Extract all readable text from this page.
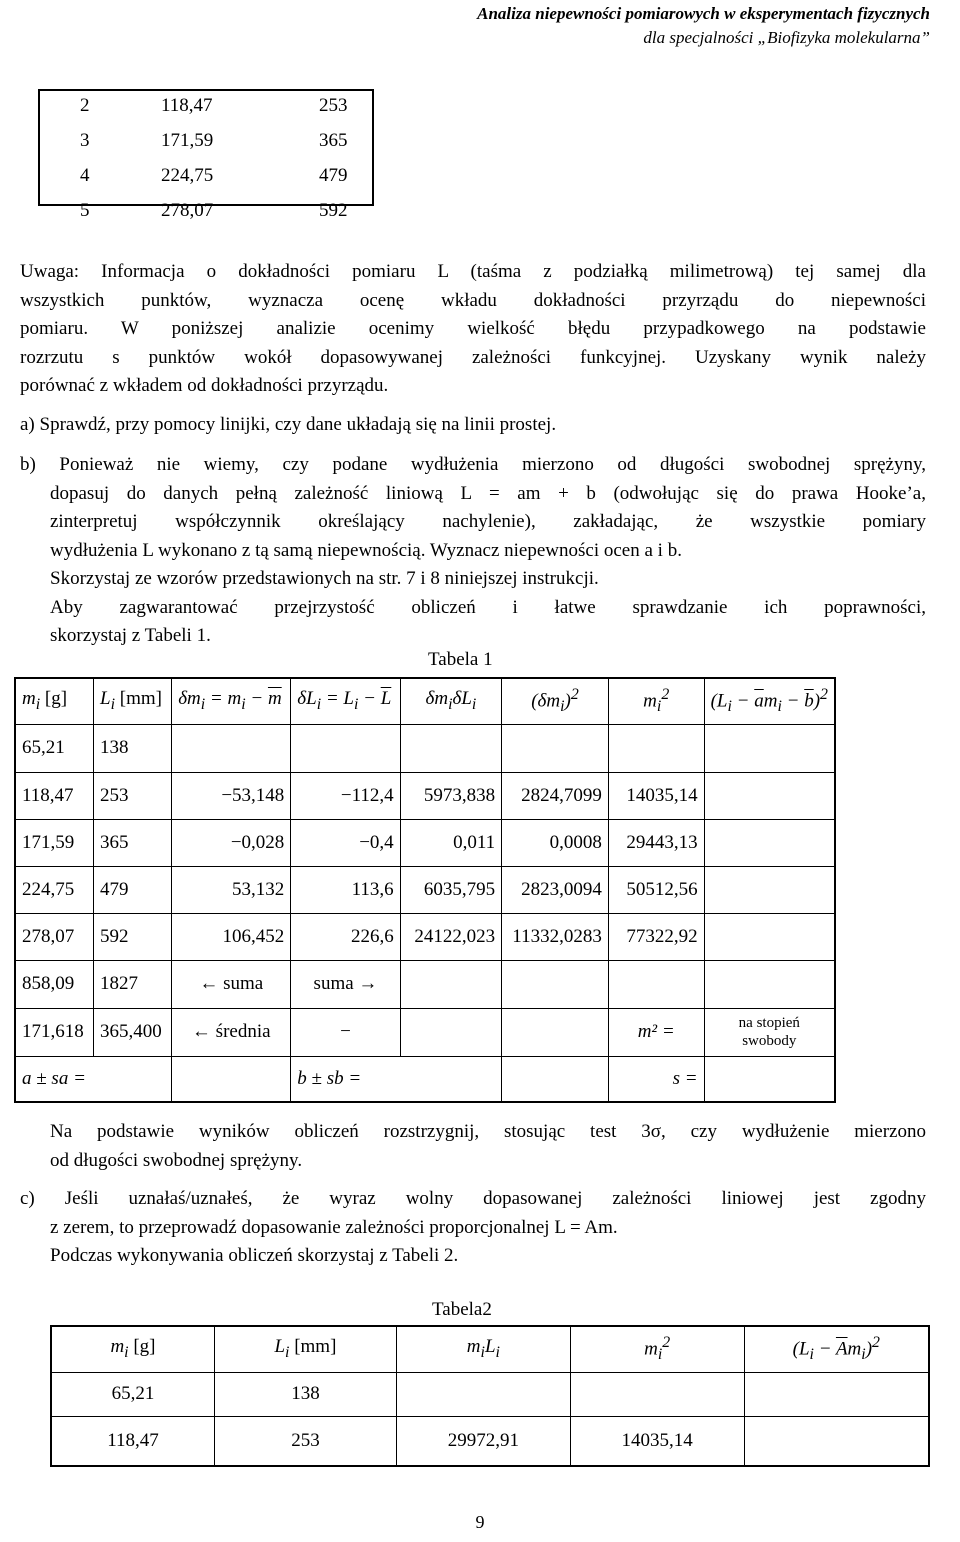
Analiza niepewności pomiarowych w eksperymentach fizycznych
dla specjalności „Biofizyka molekularna”
2	118,47	253
3	171,59	365
4	224,75	479
5	278,07	592
Uwaga: Informacja o dokładności pomiaru L (taśma z podziałką milimetrową) tej samej dla
wszystkich punktów, wyznacza ocenę wkładu dokładności przyrządu do niepewności
pomiaru. W poniższej analizie ocenimy wielkość błędu przypadkowego na podstawie
rozrzutu s punktów wokół dopasowywanej zależności funkcyjnej. Uzyskany wynik należy
porównać z wkładem od dokładności przyrządu.
a) Sprawdź, przy pomocy linijki, czy dane układają się na linii prostej.
b) Ponieważ nie wiemy, czy podane wydłużenia mierzono od długości swobodnej sprężyny,
dopasuj do danych pełną zależność liniową L = am + b (odwołując się do prawa Hooke’a,
zinterpretuj współczynnik określający nachylenie), zakładając, że wszystkie pomiary
wydłużenia L wykonano z tą samą niepewnością. Wyznacz niepewności ocen a i b.
Skorzystaj ze wzorów przedstawionych na str. 7 i 8 niniejszej instrukcji.
Aby zagwarantować przejrzystość obliczeń i łatwe sprawdzanie ich poprawności,
skorzystaj z Tabeli 1.
Tabela 1
$m_i$ [g]	$L_i$ [mm]	$\delta m_i = m_i - \overline{m}$	$\delta L_i = L_i - \overline{L}$	$\delta m_i\delta L_i$	$(\delta m_i)^2$	$m_i^2$	$(L_i - \overline{a}m_i - \overline{b})^2$
65,21	138						
118,47	253	−53,148	−112,4	5973,838	2824,7099	14035,14	
171,59	365	−0,028	−0,4	0,011	0,0008	29443,13	
224,75	479	53,132	113,6	6035,795	2823,0094	50512,56	
278,07	592	106,452	226,6	24122,023	11332,0283	77322,92	
858,09	1827	← suma	suma →				
171,618	365,400	← średnia	−			m² =	na stopień swobody
a ± sa =			b ± sb =			s =	
Na podstawie wyników obliczeń rozstrzygnij, stosując test 3σ, czy wydłużenie mierzono
od długości swobodnej sprężyny.
c) Jeśli uznałaś/uznałeś, że wyraz wolny dopasowanej zależności liniowej jest zgodny
z zerem, to przeprowadź dopasowanie zależności proporcjonalnej L = Am.
Podczas wykonywania obliczeń skorzystaj z Tabeli 2.
Tabela2
$m_i$ [g]	$L_i$ [mm]	$m_iL_i$	$m_i^2$	$(L_i - \overline{A}m_i)^2$
65,21	138			
118,47	253	29972,91	14035,14	
9
